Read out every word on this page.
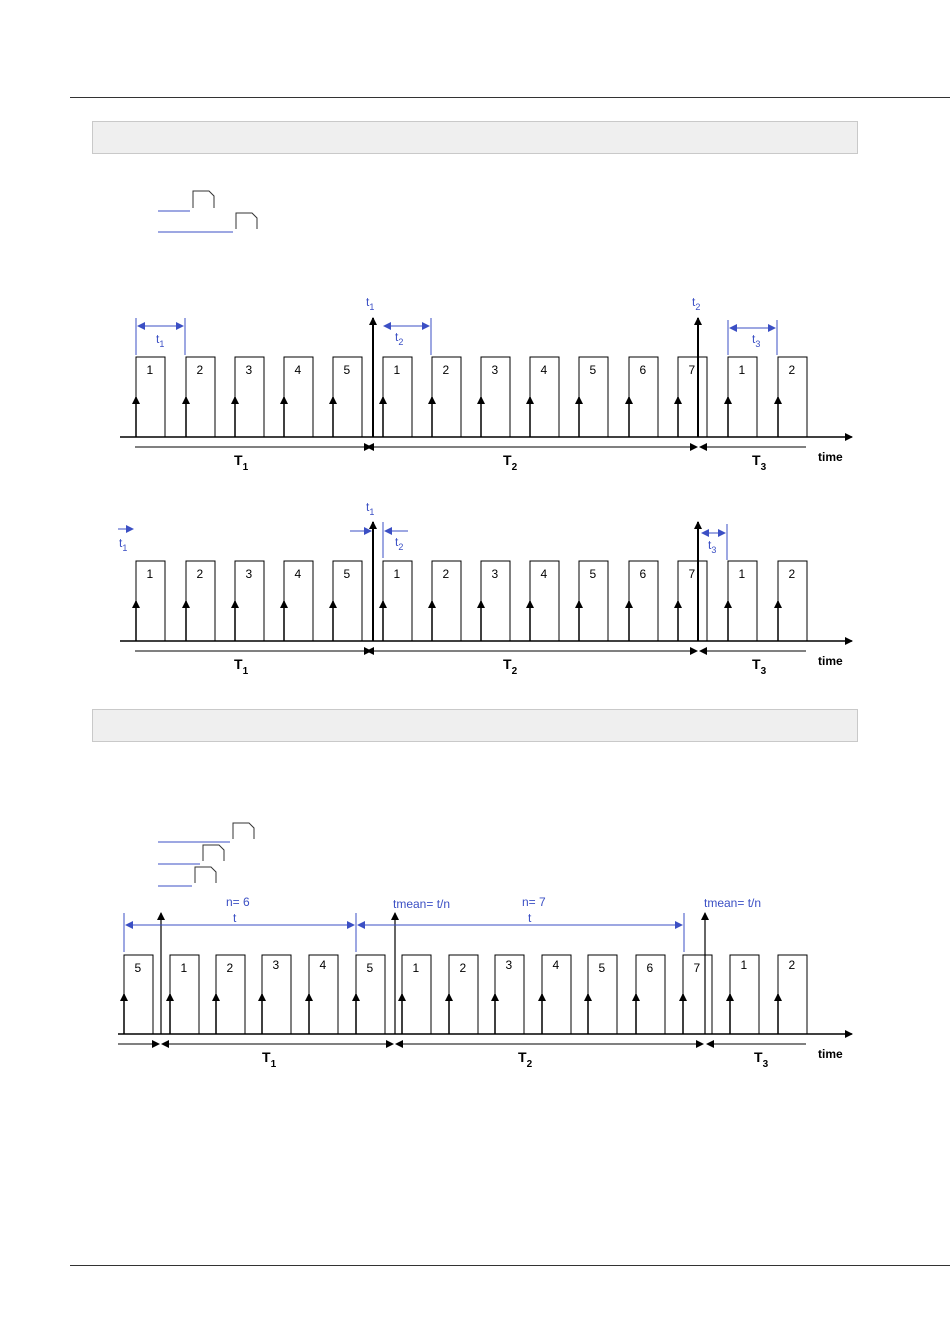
1	2	3	4	5	1	2	3	4	5	6	7	1	2
time
$T_1$	$T_2$	$T_3$
$t_1$
$t_1$
$t_2$
$t_2$
$t_3$
1	2	3	4	5	1	2	3	4	5	6	7	1	2
time
$T_1$	$T_2$	$T_3$
$t_1$
$t_1$
$t_2$	$t_3$
5	1	2	3	4	5	1	2	3	4	5	6	7	1	2
time
$T_1$	$T_2$	$T_3$
n= 6
t
n= 7
t
tmean= t/n	tmean= t/n
